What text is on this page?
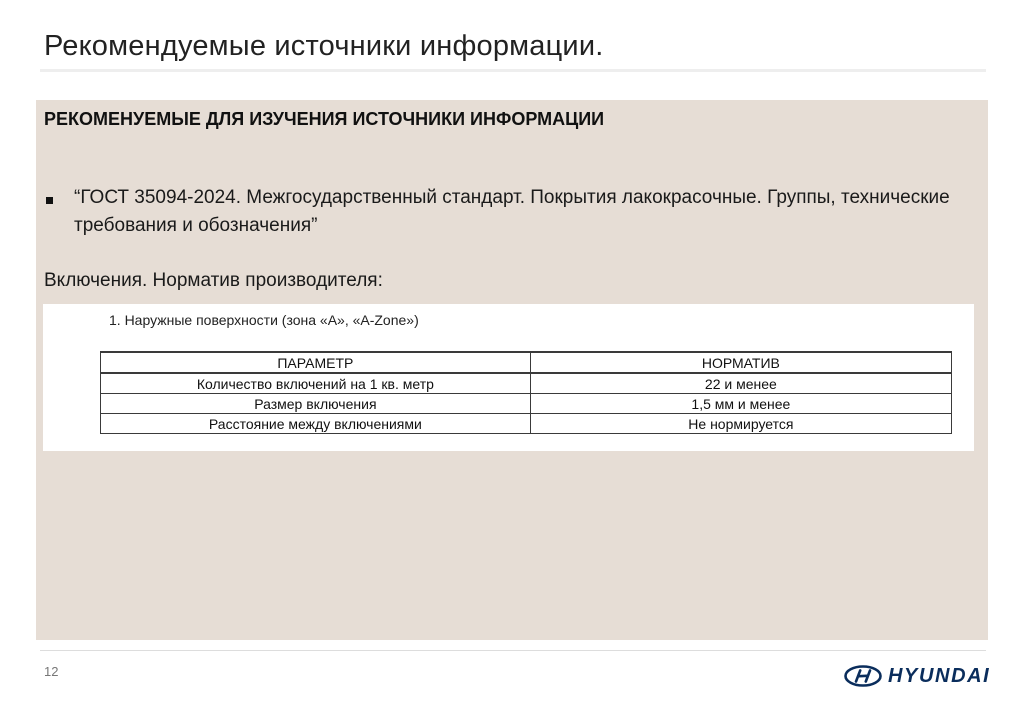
Рекомендуемые источники информации.
РЕКОМЕНУЕМЫЕ ДЛЯ ИЗУЧЕНИЯ ИСТОЧНИКИ ИНФОРМАЦИИ
“ГОСТ 35094-2024. Межгосударственный стандарт. Покрытия лакокрасочные. Группы, технические требования и обозначения”
Включения. Норматив производителя:
1. Наружные поверхности (зона «А», «A-Zone»)
ПАРАМЕТР	НОРМАТИВ
Количество включений на 1 кв. метр	22 и менее
Размер включения	1,5 мм и менее
Расстояние между включениями	Не нормируется
12	HYUNDAI
